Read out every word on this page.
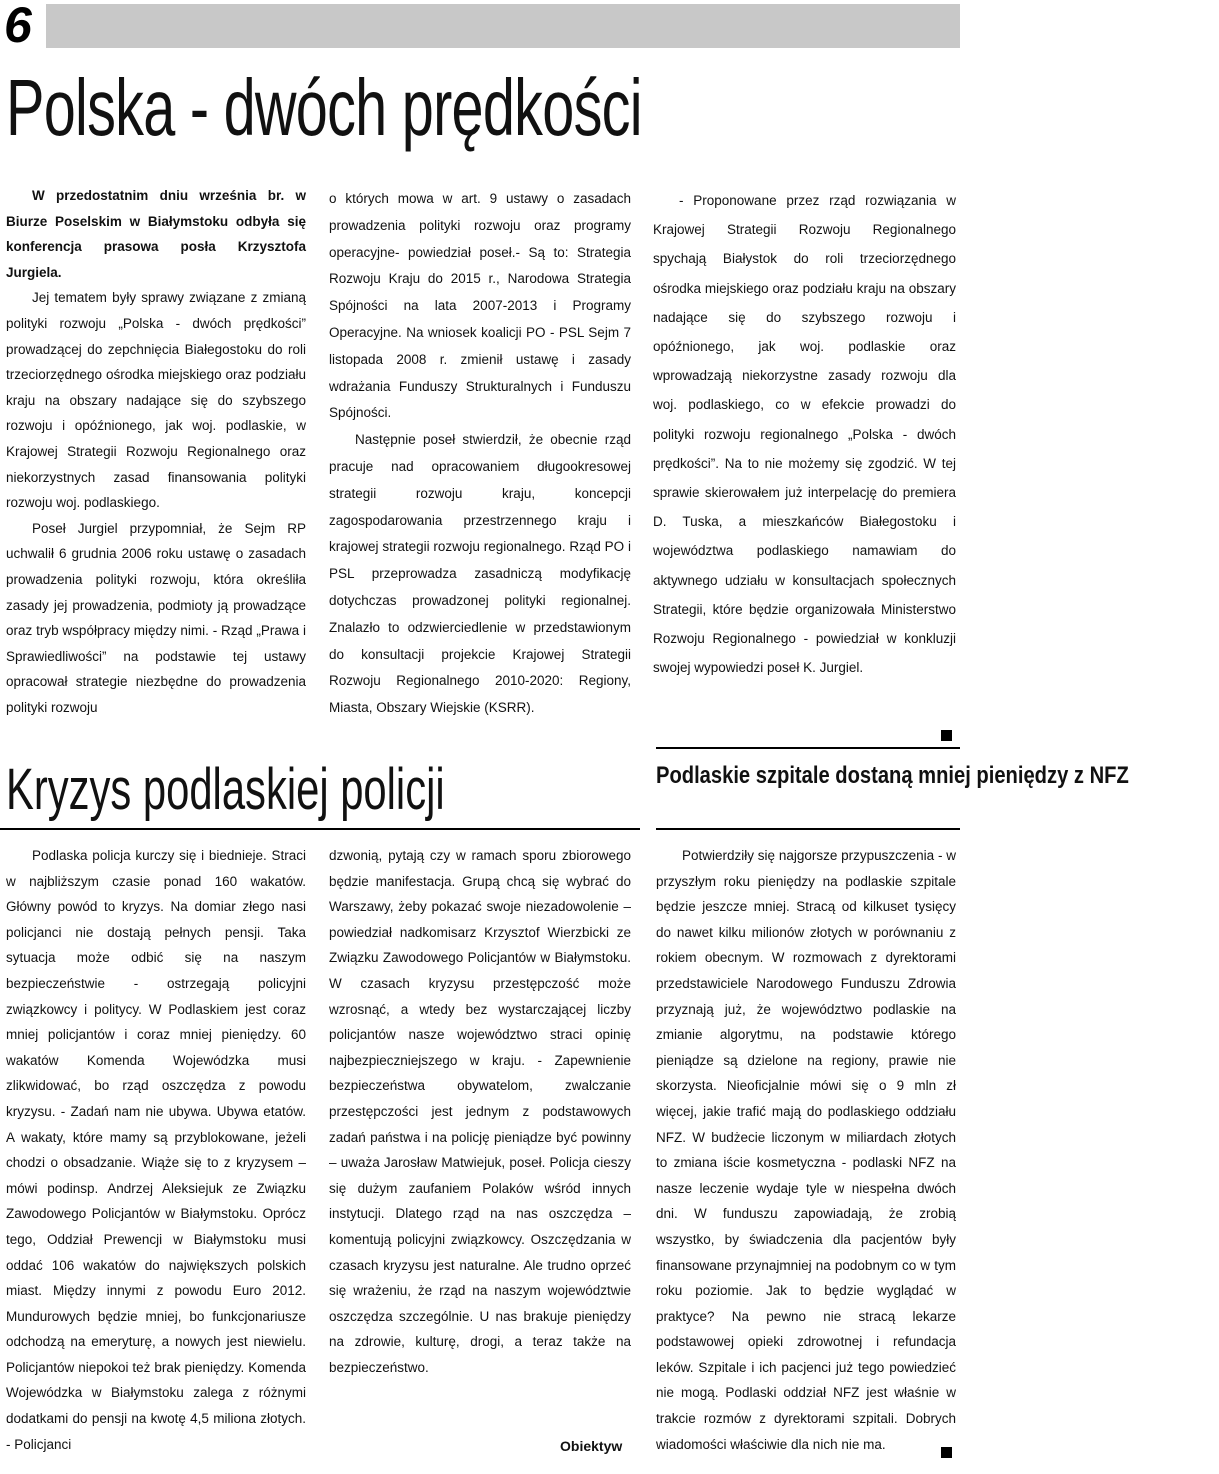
6
Polska - dwóch prędkości

W przedostatnim dniu września br. w Biurze Poselskim w Białymstoku odbyła się konferencja prasowa posła Krzysztofa Jurgiela.

Jej tematem były sprawy związane z zmianą polityki rozwoju „Polska - dwóch prędkości” prowadzącej do zepchnięcia Białegostoku do roli trzeciorzędnego ośrodka miejskiego oraz podziału kraju na obszary nadające się do szybszego rozwoju i opóźnionego, jak woj. podlaskie, w Krajowej Strategii Rozwoju Regionalnego oraz niekorzystnych zasad finansowania polityki rozwoju woj. podlaskiego.

Poseł Jurgiel przypomniał, że Sejm RP uchwalił 6 grudnia 2006 roku ustawę o zasadach prowadzenia polityki rozwoju, która określiła zasady jej prowadzenia, podmioty ją prowadzące oraz tryb współpracy między nimi. - Rząd „Prawa i Sprawiedliwości” na podstawie tej ustawy opracował strategie niezbędne do prowadzenia polityki rozwoju

o których mowa w art. 9 ustawy o zasadach prowadzenia polityki rozwoju oraz programy operacyjne- powiedział poseł.- Są to: Strategia Rozwoju Kraju do 2015 r., Narodowa Strategia Spójności na lata 2007-2013 i Programy Operacyjne. Na wniosek koalicji PO - PSL Sejm 7 listopada 2008 r. zmienił ustawę i zasady wdrażania Funduszy Strukturalnych i Funduszu Spójności.

Następnie poseł stwierdził, że obecnie rząd pracuje nad opracowaniem długookresowej strategii rozwoju kraju, koncepcji zagospodarowania przestrzennego kraju i krajowej strategii rozwoju regionalnego. Rząd PO i PSL przeprowadza zasadniczą modyfikację dotychczas prowadzonej polityki regionalnej. Znalazło to odzwierciedlenie w przedstawionym do konsultacji projekcie Krajowej Strategii Rozwoju Regionalnego 2010-2020: Regiony, Miasta, Obszary Wiejskie (KSRR).

- Proponowane przez rząd rozwiązania w Krajowej Strategii Rozwoju Regionalnego spychają Białystok do roli trzeciorzędnego ośrodka miejskiego oraz podziału kraju na obszary nadające się do szybszego rozwoju i opóźnionego, jak woj. podlaskie oraz wprowadzają niekorzystne zasady rozwoju dla woj. podlaskiego, co w efekcie prowadzi do polityki rozwoju regionalnego „Polska - dwóch prędkości”. Na to nie możemy się zgodzić. W tej sprawie skierowałem już interpelację do premiera D. Tuska, a mieszkańców Białegostoku i województwa podlaskiego namawiam do aktywnego udziału w konsultacjach społecznych Strategii, które będzie organizowała Ministerstwo Rozwoju Regionalnego - powiedział w konkluzji swojej wypowiedzi poseł K. Jurgiel.

Kryzys podlaskiej policji

Podlaska policja kurczy się i biednieje. Straci w najbliższym czasie ponad 160 wakatów. Główny powód to kryzys. Na domiar złego nasi policjanci nie dostają pełnych pensji. Taka sytuacja może odbić się na naszym bezpieczeństwie - ostrzegają policyjni związkowcy i politycy. W Podlaskiem jest coraz mniej policjantów i coraz mniej pieniędzy. 60 wakatów Komenda Wojewódzka musi zlikwidować, bo rząd oszczędza z powodu kryzysu. - Zadań nam nie ubywa. Ubywa etatów. A wakaty, które mamy są przyblokowane, jeżeli chodzi o obsadzanie. Wiąże się to z kryzysem – mówi podinsp. Andrzej Aleksiejuk ze Związku Zawodowego Policjantów w Białymstoku. Oprócz tego, Oddział Prewencji w Białymstoku musi oddać 106 wakatów do największych polskich miast. Między innymi z powodu Euro 2012. Mundurowych będzie mniej, bo funkcjonariusze odchodzą na emeryturę, a nowych jest niewielu. Policjantów niepokoi też brak pieniędzy. Komenda Wojewódzka w Białymstoku zalega z różnymi dodatkami do pensji na kwotę 4,5 miliona złotych. - Policjanci

dzwonią, pytają czy w ramach sporu zbiorowego będzie manifestacja. Grupą chcą się wybrać do Warszawy, żeby pokazać swoje niezadowolenie – powiedział nadkomisarz Krzysztof Wierzbicki ze Związku Zawodowego Policjantów w Białymstoku. W czasach kryzysu przestępczość może wzrosnąć, a wtedy bez wystarczającej liczby policjantów nasze województwo straci opinię najbezpieczniejszego w kraju. - Zapewnienie bezpieczeństwa obywatelom, zwalczanie przestępczości jest jednym z podstawowych zadań państwa i na policję pieniądze być powinny – uważa Jarosław Matwiejuk, poseł. Policja cieszy się dużym zaufaniem Polaków wśród innych instytucji. Dlatego rząd na nas oszczędza – komentują policyjni związkowcy. Oszczędzania w czasach kryzysu jest naturalne. Ale trudno oprzeć się wrażeniu, że rząd na naszym województwie oszczędza szczególnie. U nas brakuje pieniędzy na zdrowie, kulturę, drogi, a teraz także na bezpieczeństwo.

Obiektyw
Podlaskie szpitale dostaną mniej pieniędzy z NFZ

Potwierdziły się najgorsze przypuszczenia - w przyszłym roku pieniędzy na podlaskie szpitale będzie jeszcze mniej. Stracą od kilkuset tysięcy do nawet kilku milionów złotych w porównaniu z rokiem obecnym. W rozmowach z dyrektorami przedstawiciele Narodowego Funduszu Zdrowia przyznają już, że województwo podlaskie na zmianie algorytmu, na podstawie którego pieniądze są dzielone na regiony, prawie nie skorzysta. Nieoficjalnie mówi się o 9 mln zł więcej, jakie trafić mają do podlaskiego oddziału NFZ. W budżecie liczonym w miliardach złotych to zmiana iście kosmetyczna - podlaski NFZ na nasze leczenie wydaje tyle w niespełna dwóch dni. W funduszu zapowiadają, że zrobią wszystko, by świadczenia dla pacjentów były finansowane przynajmniej na podobnym co w tym roku poziomie. Jak to będzie wyglądać w praktyce? Na pewno nie stracą lekarze podstawowej opieki zdrowotnej i refundacja leków. Szpitale i ich pacjenci już tego powiedzieć nie mogą. Podlaski oddział NFZ jest właśnie w trakcie rozmów z dyrektorami szpitali. Dobrych wiadomości właściwie dla nich nie ma.
